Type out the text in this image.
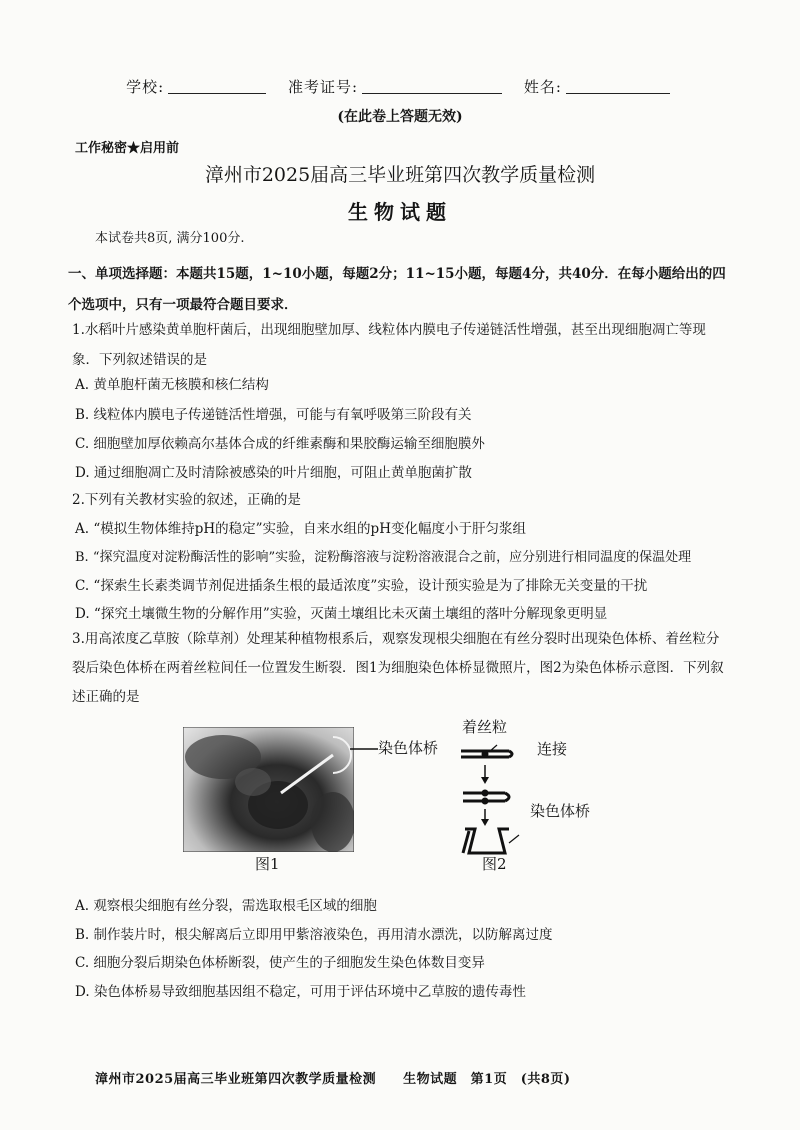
学校:	准考证号:	姓名:
(在此卷上答题无效)
工作秘密★启用前
漳州市2025届高三毕业班第四次教学质量检测
生物试题
本试卷共8页, 满分100分.
一、单项选择题：本题共15题，1~10小题，每题2分；11~15小题，每题4分，共40分．在每小题给出的四个选项中，只有一项最符合题目要求．
1.水稻叶片感染黄单胞杆菌后，出现细胞壁加厚、线粒体内膜电子传递链活性增强，甚至出现细胞凋亡等现象．下列叙述错误的是
A. 黄单胞杆菌无核膜和核仁结构
B. 线粒体内膜电子传递链活性增强，可能与有氧呼吸第三阶段有关
C. 细胞壁加厚依赖高尔基体合成的纤维素酶和果胶酶运输至细胞膜外
D. 通过细胞凋亡及时清除被感染的叶片细胞，可阻止黄单胞菌扩散
2.下列有关教材实验的叙述，正确的是
A. “模拟生物体维持pH的稳定”实验，自来水组的pH变化幅度小于肝匀浆组
B. “探究温度对淀粉酶活性的影响”实验，淀粉酶溶液与淀粉溶液混合之前，应分别进行相同温度的保温处理
C. “探索生长素类调节剂促进插条生根的最适浓度”实验，设计预实验是为了排除无关变量的干扰
D. “探究土壤微生物的分解作用”实验，灭菌土壤组比未灭菌土壤组的落叶分解现象更明显
3.用高浓度乙草胺（除草剂）处理某种植物根系后，观察发现根尖细胞在有丝分裂时出现染色体桥、着丝粒分裂后染色体桥在两着丝粒间任一位置发生断裂．图1为细胞染色体桥显微照片，图2为染色体桥示意图．下列叙述正确的是
染色体桥
图1
着丝粒
连接
染色体桥
图2
A. 观察根尖细胞有丝分裂，需选取根毛区域的细胞
B. 制作装片时，根尖解离后立即用甲紫溶液染色，再用清水漂洗，以防解离过度
C. 细胞分裂后期染色体桥断裂，使产生的子细胞发生染色体数目变异
D. 染色体桥易导致细胞基因组不稳定，可用于评估环境中乙草胺的遗传毒性
漳州市2025届高三毕业班第四次教学质量检测　　生物试题　第1页　(共8页)
